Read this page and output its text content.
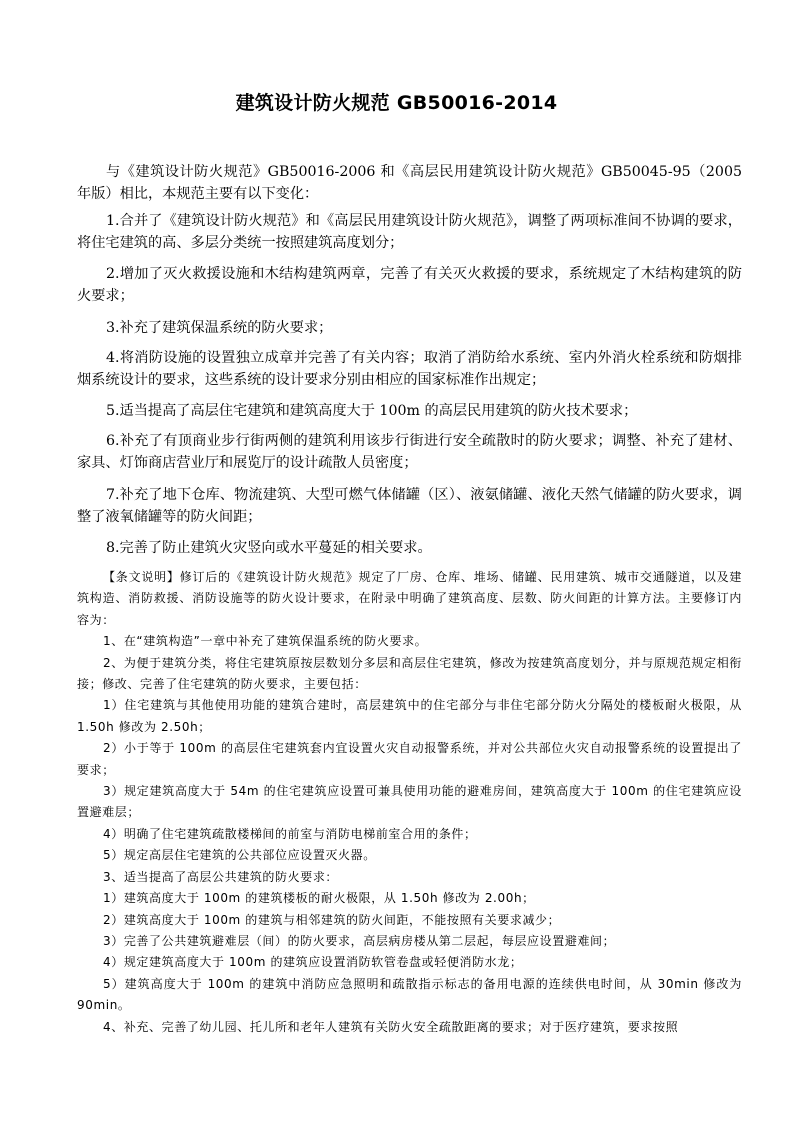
建筑设计防火规范 GB50016-2014

与《建筑设计防火规范》GB50016-2006 和《高层民用建筑设计防火规范》GB50045-95（2005 年版）相比，本规范主要有以下变化：

1.合并了《建筑设计防火规范》和《高层民用建筑设计防火规范》，调整了两项标准间不协调的要求，将住宅建筑的高、多层分类统一按照建筑高度划分；

2.增加了灭火救援设施和木结构建筑两章，完善了有关灭火救援的要求，系统规定了木结构建筑的防火要求；

3.补充了建筑保温系统的防火要求；

4.将消防设施的设置独立成章并完善了有关内容；取消了消防给水系统、室内外消火栓系统和防烟排烟系统设计的要求，这些系统的设计要求分别由相应的国家标准作出规定；

5.适当提高了高层住宅建筑和建筑高度大于 100m 的高层民用建筑的防火技术要求；

6.补充了有顶商业步行街两侧的建筑利用该步行街进行安全疏散时的防火要求；调整、补充了建材、家具、灯饰商店营业厅和展览厅的设计疏散人员密度；

7.补充了地下仓库、物流建筑、大型可燃气体储罐（区）、液氨储罐、液化天然气储罐的防火要求，调整了液氧储罐等的防火间距；

8.完善了防止建筑火灾竖向或水平蔓延的相关要求。

【条文说明】修订后的《建筑设计防火规范》规定了厂房、仓库、堆场、储罐、民用建筑、城市交通隧道，以及建筑构造、消防救援、消防设施等的防火设计要求，在附录中明确了建筑高度、层数、防火间距的计算方法。主要修订内容为：

1、在“建筑构造”一章中补充了建筑保温系统的防火要求。

2、为便于建筑分类，将住宅建筑原按层数划分多层和高层住宅建筑，修改为按建筑高度划分，并与原规范规定相衔接；修改、完善了住宅建筑的防火要求，主要包括：

1）住宅建筑与其他使用功能的建筑合建时，高层建筑中的住宅部分与非住宅部分防火分隔处的楼板耐火极限，从 1.50h 修改为 2.50h；

2）小于等于 100m 的高层住宅建筑套内宜设置火灾自动报警系统，并对公共部位火灾自动报警系统的设置提出了要求；

3）规定建筑高度大于 54m 的住宅建筑应设置可兼具使用功能的避难房间，建筑高度大于 100m 的住宅建筑应设置避难层；

4）明确了住宅建筑疏散楼梯间的前室与消防电梯前室合用的条件；

5）规定高层住宅建筑的公共部位应设置灭火器。

3、适当提高了高层公共建筑的防火要求：

1）建筑高度大于 100m 的建筑楼板的耐火极限，从 1.50h 修改为 2.00h；

2）建筑高度大于 100m 的建筑与相邻建筑的防火间距，不能按照有关要求减少；

3）完善了公共建筑避难层（间）的防火要求，高层病房楼从第二层起，每层应设置避难间；

4）规定建筑高度大于 100m 的建筑应设置消防软管卷盘或轻便消防水龙；

5）建筑高度大于 100m 的建筑中消防应急照明和疏散指示标志的备用电源的连续供电时间，从 30min 修改为 90min。

4、补充、完善了幼儿园、托儿所和老年人建筑有关防火安全疏散距离的要求；对于医疗建筑，要求按照
